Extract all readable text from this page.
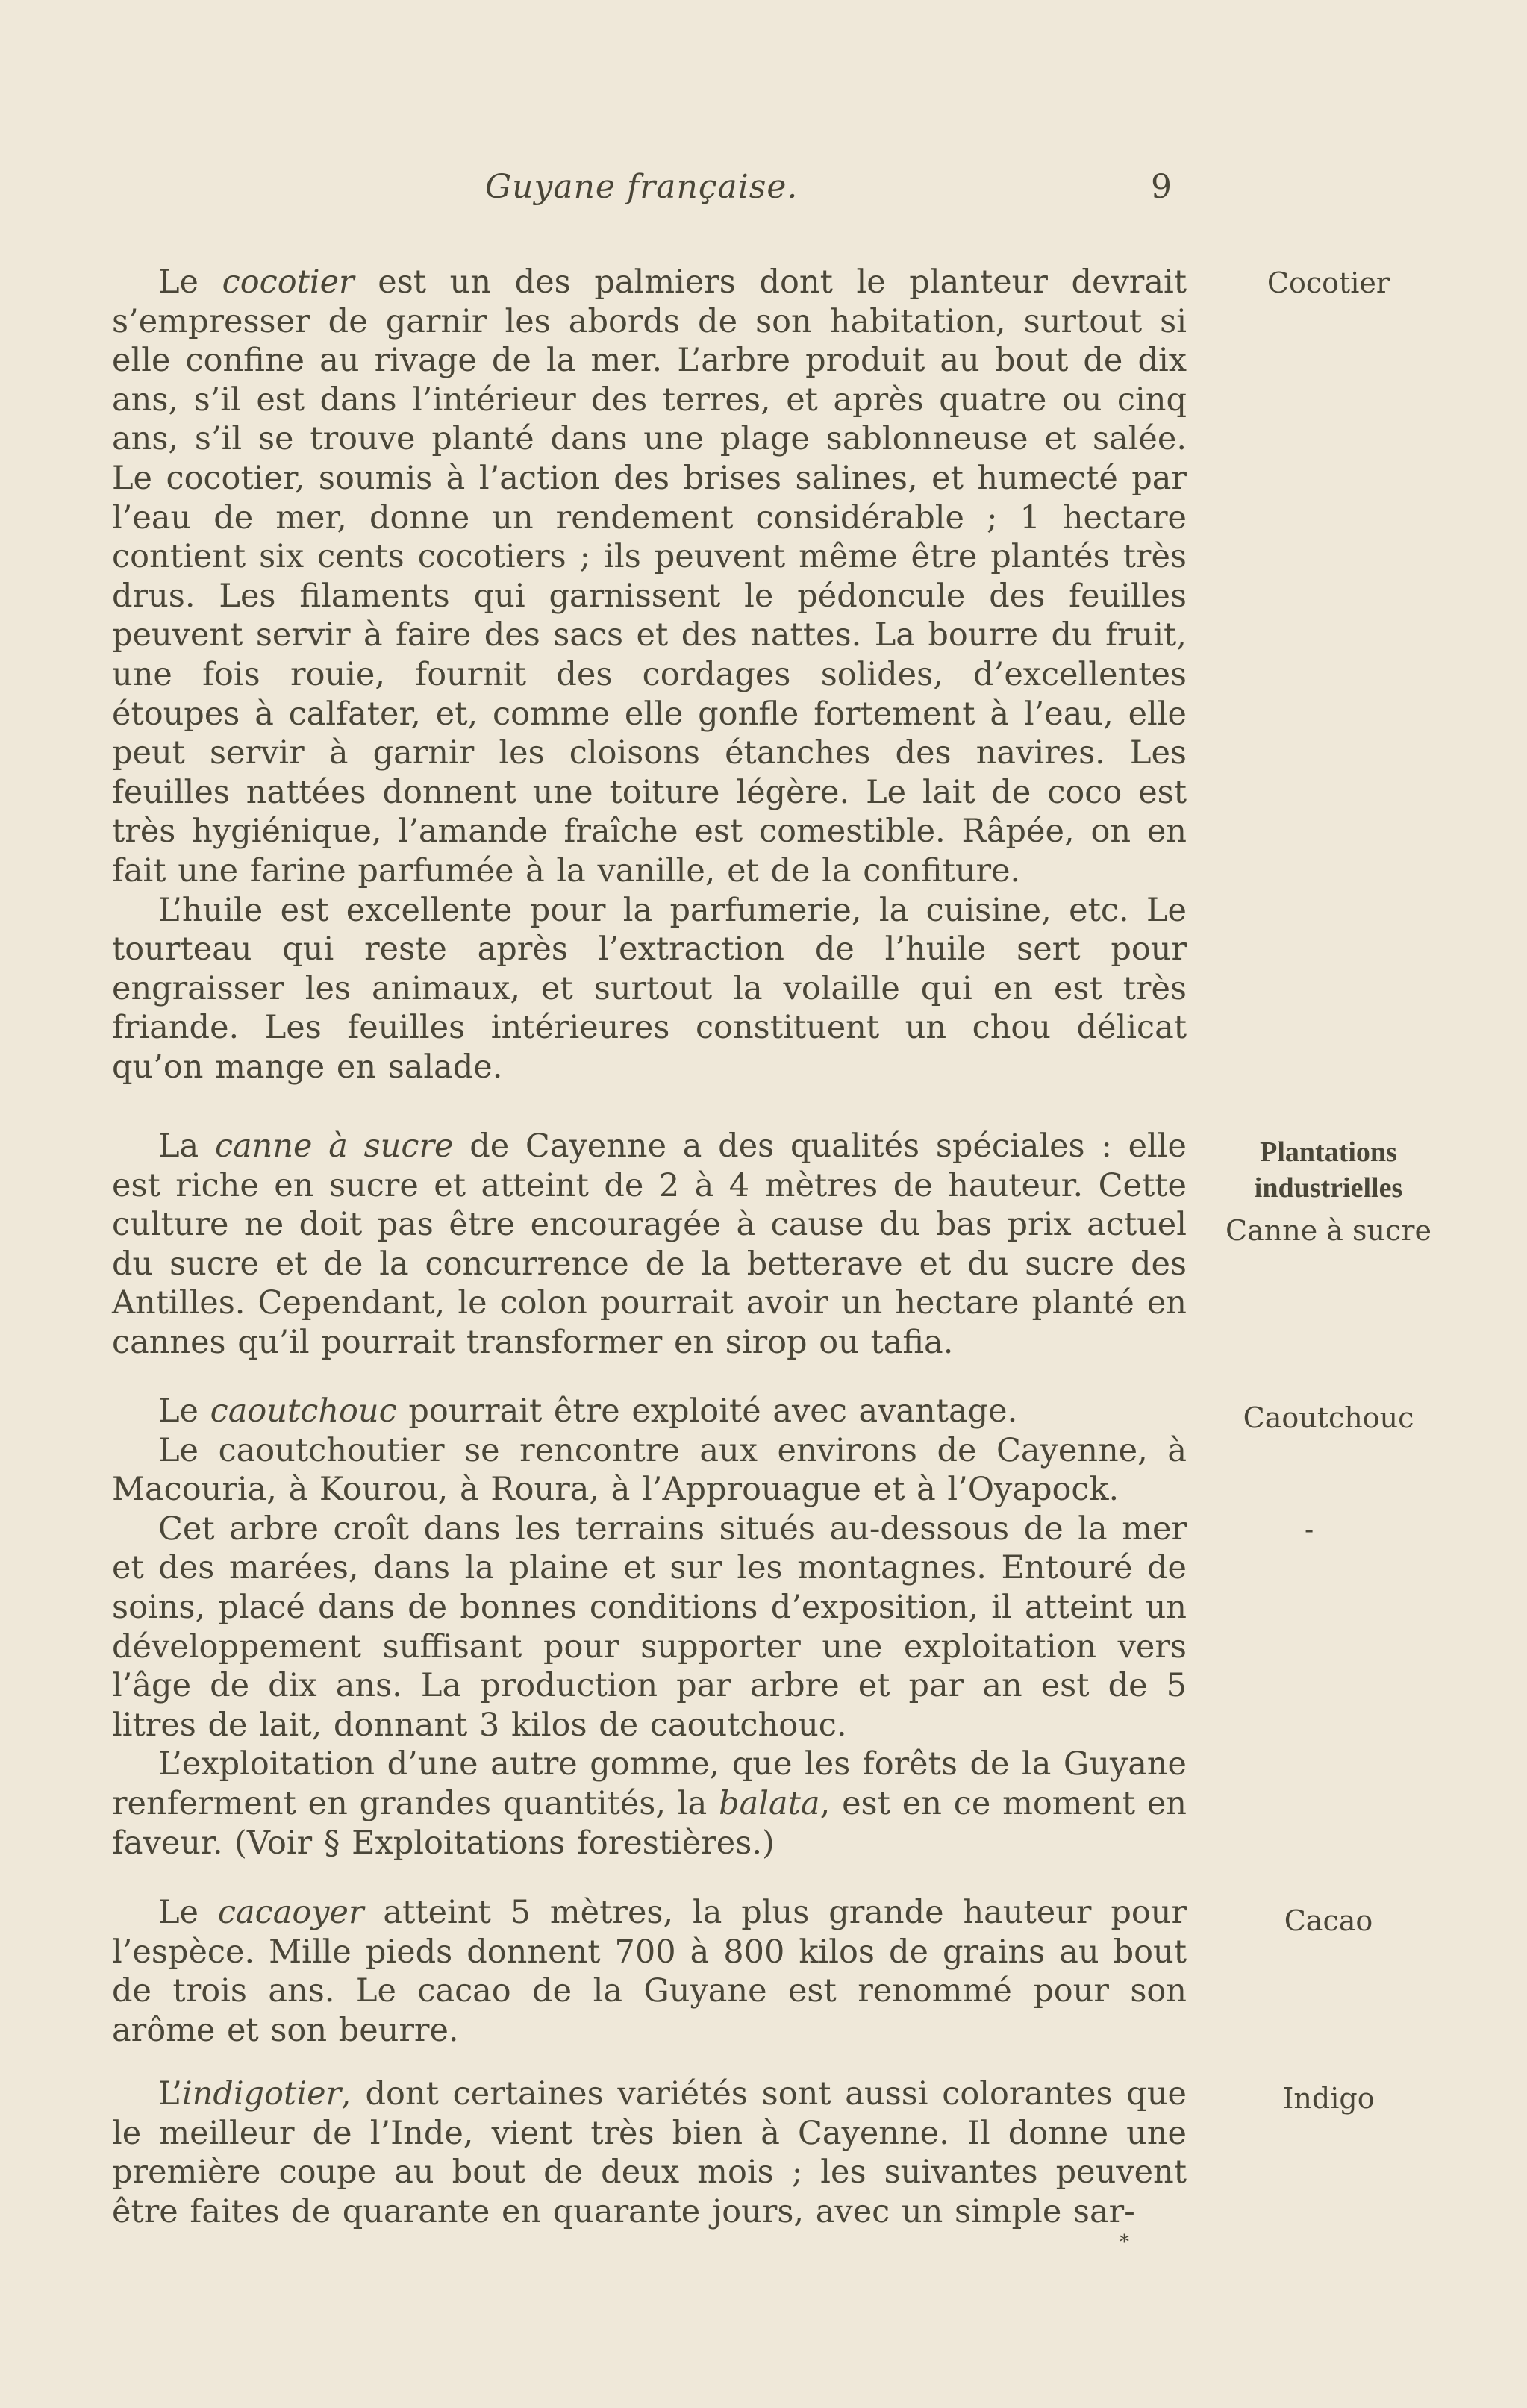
Guyane française.	9

Le cocotier est un des palmiers dont le planteur devrait s’empresser de garnir les abords de son habitation, surtout si elle confine au rivage de la mer. L’arbre produit au bout de dix ans, s’il est dans l’intérieur des terres, et après quatre ou cinq ans, s’il se trouve planté dans une plage sablonneuse et salée. Le cocotier, soumis à l’action des brises salines, et humecté par l’eau de mer, donne un rendement considérable ; 1 hectare contient six cents cocotiers ; ils peuvent même être plantés très drus. Les filaments qui garnissent le pédoncule des feuilles peuvent servir à faire des sacs et des nattes. La bourre du fruit, une fois rouie, fournit des cordages solides, d’excellentes étoupes à calfater, et, comme elle gonfle fortement à l’eau, elle peut servir à garnir les cloisons étanches des navires. Les feuilles nattées donnent une toiture légère. Le lait de coco est très hygiénique, l’amande fraîche est comestible. Râpée, on en fait une farine parfumée à la vanille, et de la confiture.

L’huile est excellente pour la parfumerie, la cuisine, etc. Le tourteau qui reste après l’extraction de l’huile sert pour engraisser les animaux, et surtout la volaille qui en est très friande. Les feuilles intérieures constituent un chou délicat qu’on mange en salade.

La canne à sucre de Cayenne a des qualités spéciales : elle est riche en sucre et atteint de 2 à 4 mètres de hauteur. Cette culture ne doit pas être encouragée à cause du bas prix actuel du sucre et de la concurrence de la betterave et du sucre des Antilles. Cependant, le colon pourrait avoir un hectare planté en cannes qu’il pourrait transformer en sirop ou tafia.

Le caoutchouc pourrait être exploité avec avantage.

Le caoutchoutier se rencontre aux environs de Cayenne, à Macouria, à Kourou, à Roura, à l’Approuague et à l’Oyapock.

Cet arbre croît dans les terrains situés au-dessous de la mer et des marées, dans la plaine et sur les montagnes. Entouré de soins, placé dans de bonnes conditions d’exposition, il atteint un développement suffisant pour supporter une exploitation vers l’âge de dix ans. La production par arbre et par an est de 5 litres de lait, donnant 3 kilos de caoutchouc.

L’exploitation d’une autre gomme, que les forêts de la Guyane renferment en grandes quantités, la balata, est en ce moment en faveur. (Voir § Exploitations forestières.)

Le cacaoyer atteint 5 mètres, la plus grande hauteur pour l’espèce. Mille pieds donnent 700 à 800 kilos de grains au bout de trois ans. Le cacao de la Guyane est renommé pour son arôme et son beurre.

L’indigotier, dont certaines variétés sont aussi colorantes que le meilleur de l’Inde, vient très bien à Cayenne. Il donne une première coupe au bout de deux mois ; les suivantes peuvent être faites de quarante en quarante jours, avec un simple sar-

Cocotier
Plantations
industrielles
Canne à sucre
Caoutchouc
-
Cacao
Indigo
*
